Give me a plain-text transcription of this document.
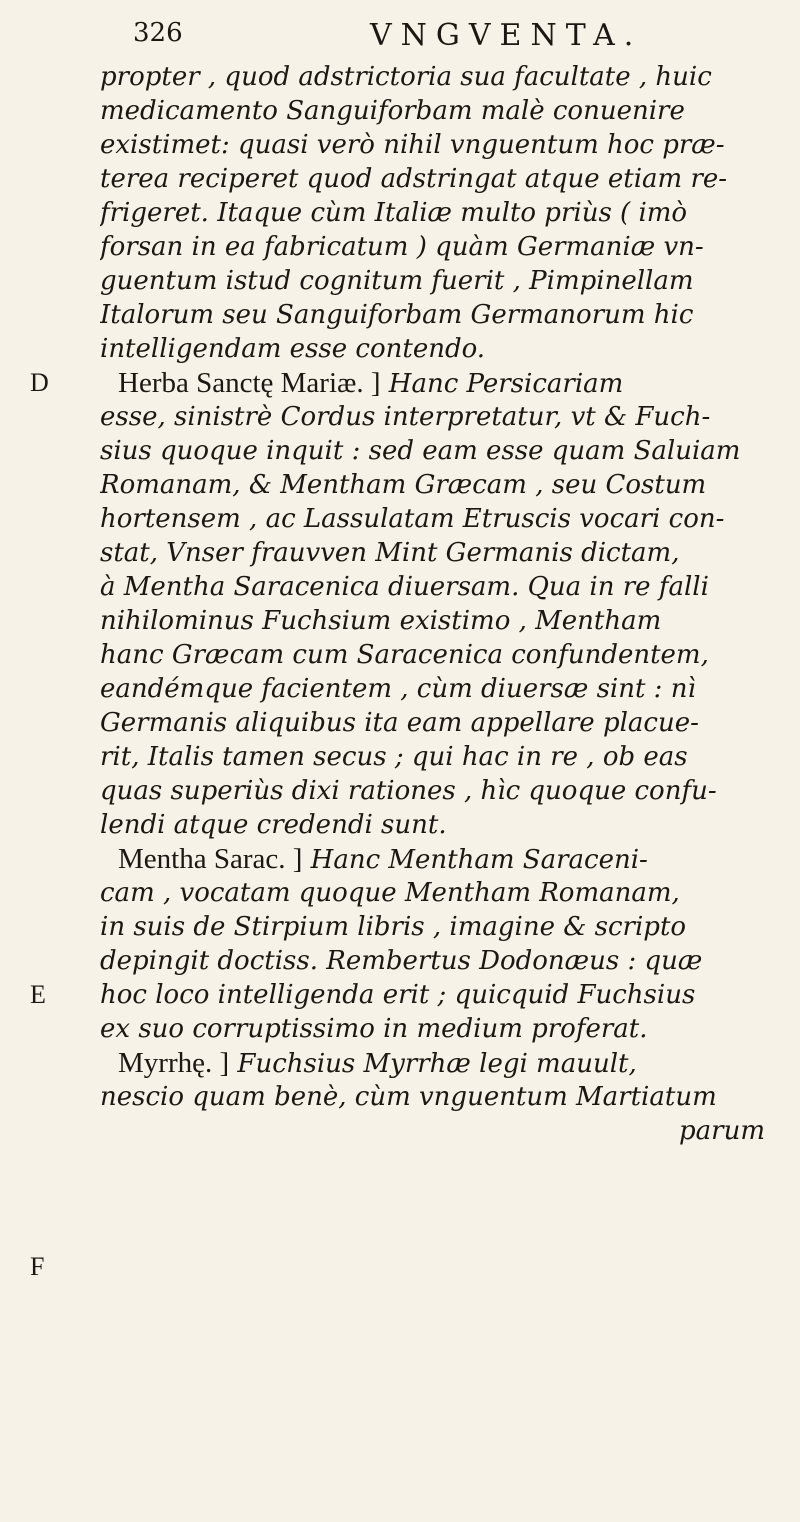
326	VNGVENTA.
D
E
F
propter , quod adstrictoria sua facultate , huic
medicamento Sanguiforbam malè conuenire
existimet: quasi verò nihil vnguentum hoc præ-
terea reciperet quod adstringat atque etiam re-
frigeret. Itaque cùm Italiæ multo priùs ( imò
forsan in ea fabricatum ) quàm Germaniæ vn-
guentum istud cognitum fuerit , Pimpinellam
Italorum seu Sanguiforbam Germanorum hic
intelligendam esse contendo.
Herba Sanctę Mariæ. ] Hanc Persicariam
esse, sinistrè Cordus interpretatur, vt & Fuch-
sius quoque inquit : sed eam esse quam Saluiam
Romanam, & Mentham Græcam , seu Costum
hortensem , ac Lassulatam Etruscis vocari con-
stat, Vnser frauvven Mint Germanis dictam,
à Mentha Saracenica diuersam. Qua in re falli
nihilominus Fuchsium existimo , Mentham
hanc Græcam cum Saracenica confundentem,
eandémque facientem , cùm diuersæ sint : nì
Germanis aliquibus ita eam appellare placue-
rit, Italis tamen secus ; qui hac in re , ob eas
quas superiùs dixi rationes , hìc quoque confu-
lendi atque credendi sunt.
Mentha Sarac. ] Hanc Mentham Saraceni-
cam , vocatam quoque Mentham Romanam,
in suis de Stirpium libris , imagine & scripto
depingit doctiss. Rembertus Dodonæus : quæ
hoc loco intelligenda erit ; quicquid Fuchsius
ex suo corruptissimo in medium proferat.
Myrrhę. ] Fuchsius Myrrhæ legi mauult,
nescio quam benè, cùm vnguentum Martiatum
parum
